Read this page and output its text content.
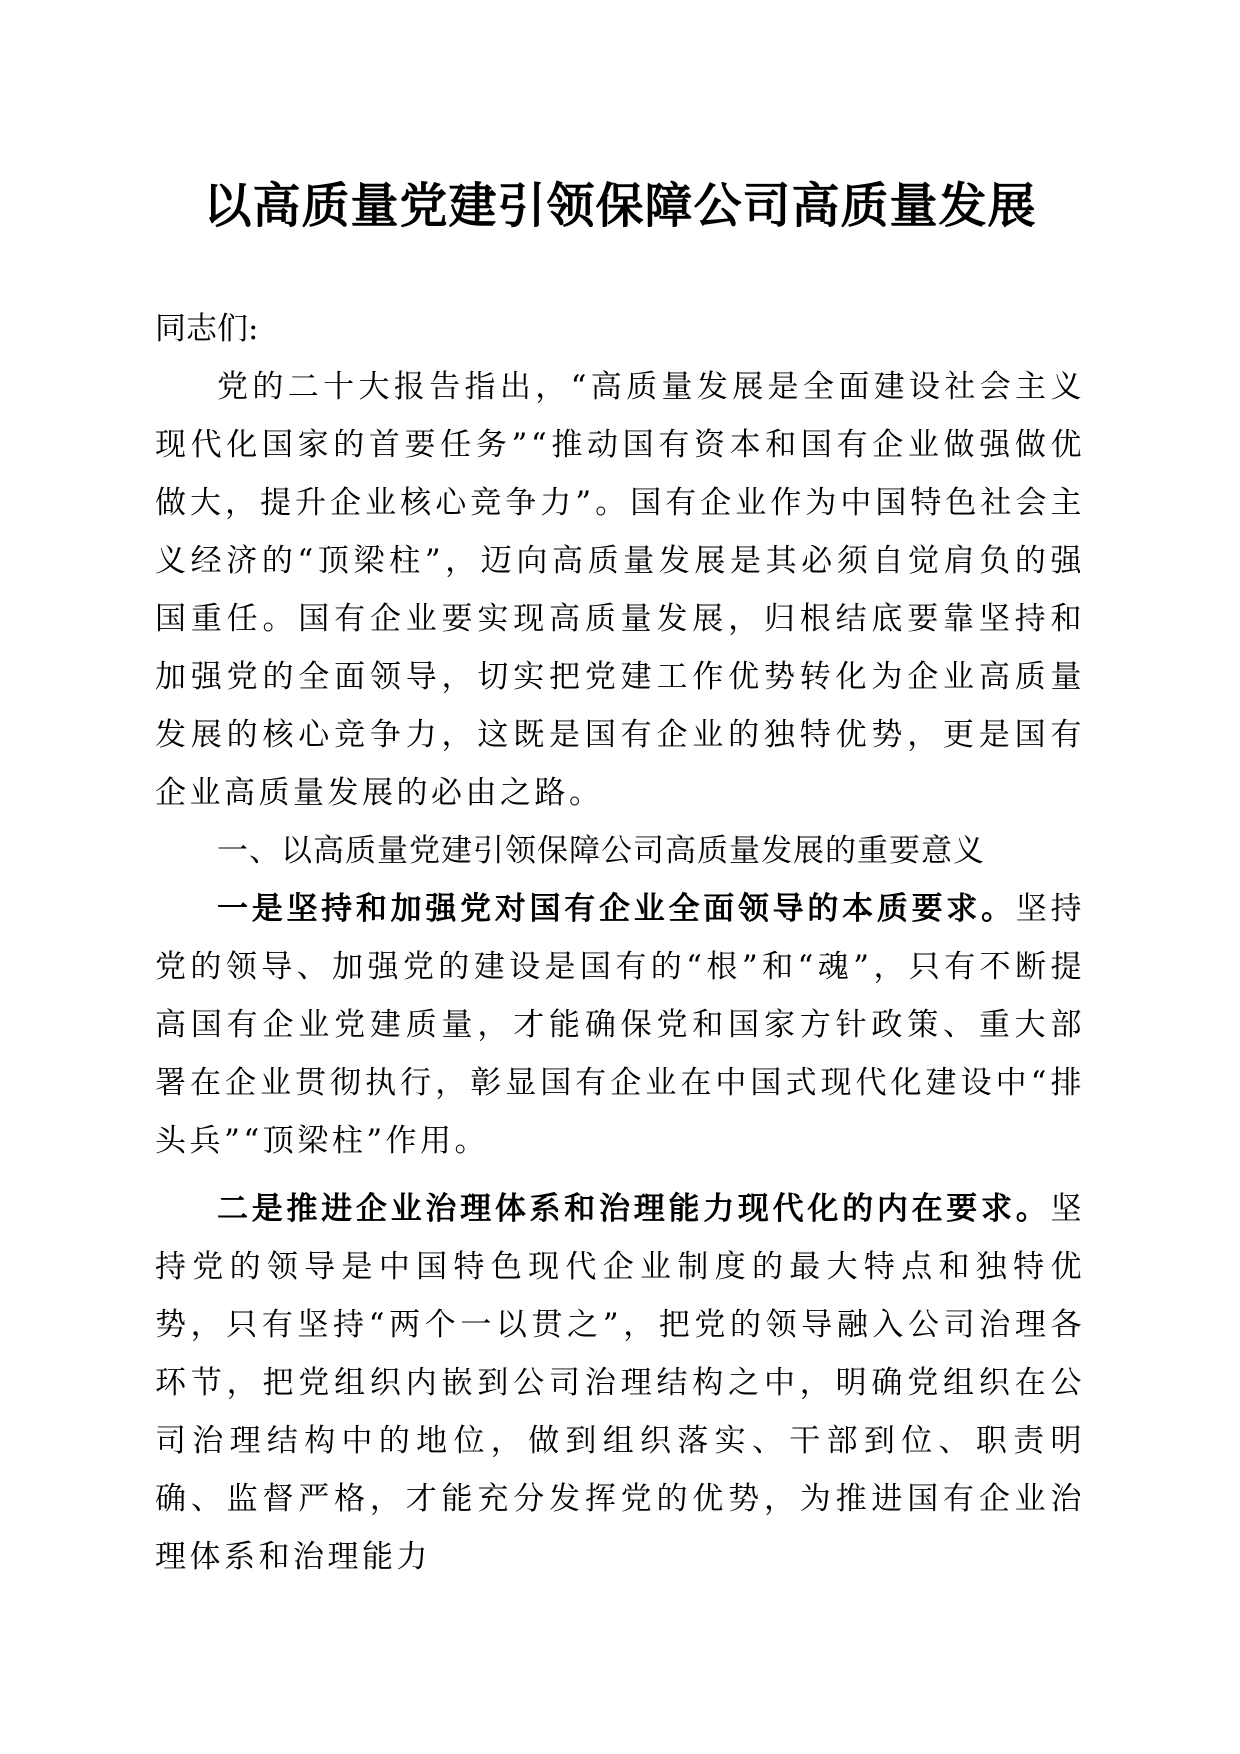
以高质量党建引领保障公司高质量发展

同志们:

党的二十大报告指出，“高质量发展是全面建设社会主义现代化国家的首要任务”“推动国有资本和国有企业做强做优做大，提升企业核心竞争力”。国有企业作为中国特色社会主义经济的“顶梁柱”，迈向高质量发展是其必须自觉肩负的强国重任。国有企业要实现高质量发展，归根结底要靠坚持和加强党的全面领导，切实把党建工作优势转化为企业高质量发展的核心竞争力，这既是国有企业的独特优势，更是国有企业高质量发展的必由之路。

一、以高质量党建引领保障公司高质量发展的重要意义

一是坚持和加强党对国有企业全面领导的本质要求。坚持党的领导、加强党的建设是国有的“根”和“魂”，只有不断提高国有企业党建质量，才能确保党和国家方针政策、重大部署在企业贯彻执行，彰显国有企业在中国式现代化建设中“排头兵”“顶梁柱”作用。

二是推进企业治理体系和治理能力现代化的内在要求。坚持党的领导是中国特色现代企业制度的最大特点和独特优势，只有坚持“两个一以贯之”，把党的领导融入公司治理各环节，把党组织内嵌到公司治理结构之中，明确党组织在公司治理结构中的地位，做到组织落实、干部到位、职责明确、监督严格，才能充分发挥党的优势，为推进国有企业治理体系和治理能力
